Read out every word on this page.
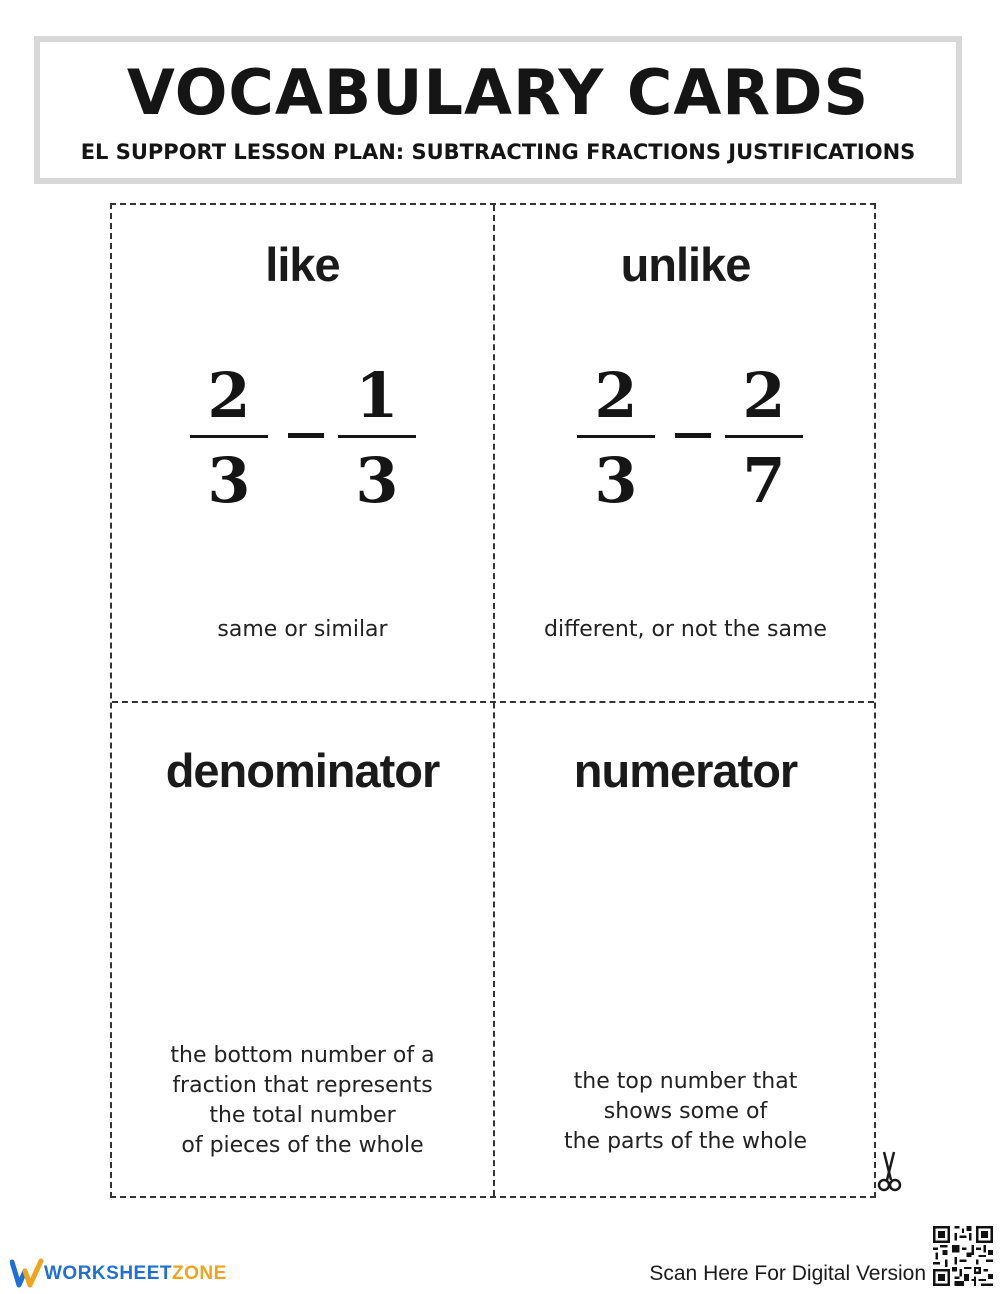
VOCABULARY CARDS
EL SUPPORT LESSON PLAN: SUBTRACTING FRACTIONS JUSTIFICATIONS
like
2
3
1
3
same or similar
unlike
2
3
2
7
different, or not the same
denominator
the bottom number of a
fraction that represents
the total number
of pieces of the whole
numerator
the top number that
shows some of
the parts of the whole
WORKSHEETZONE	Scan Here For Digital Version
